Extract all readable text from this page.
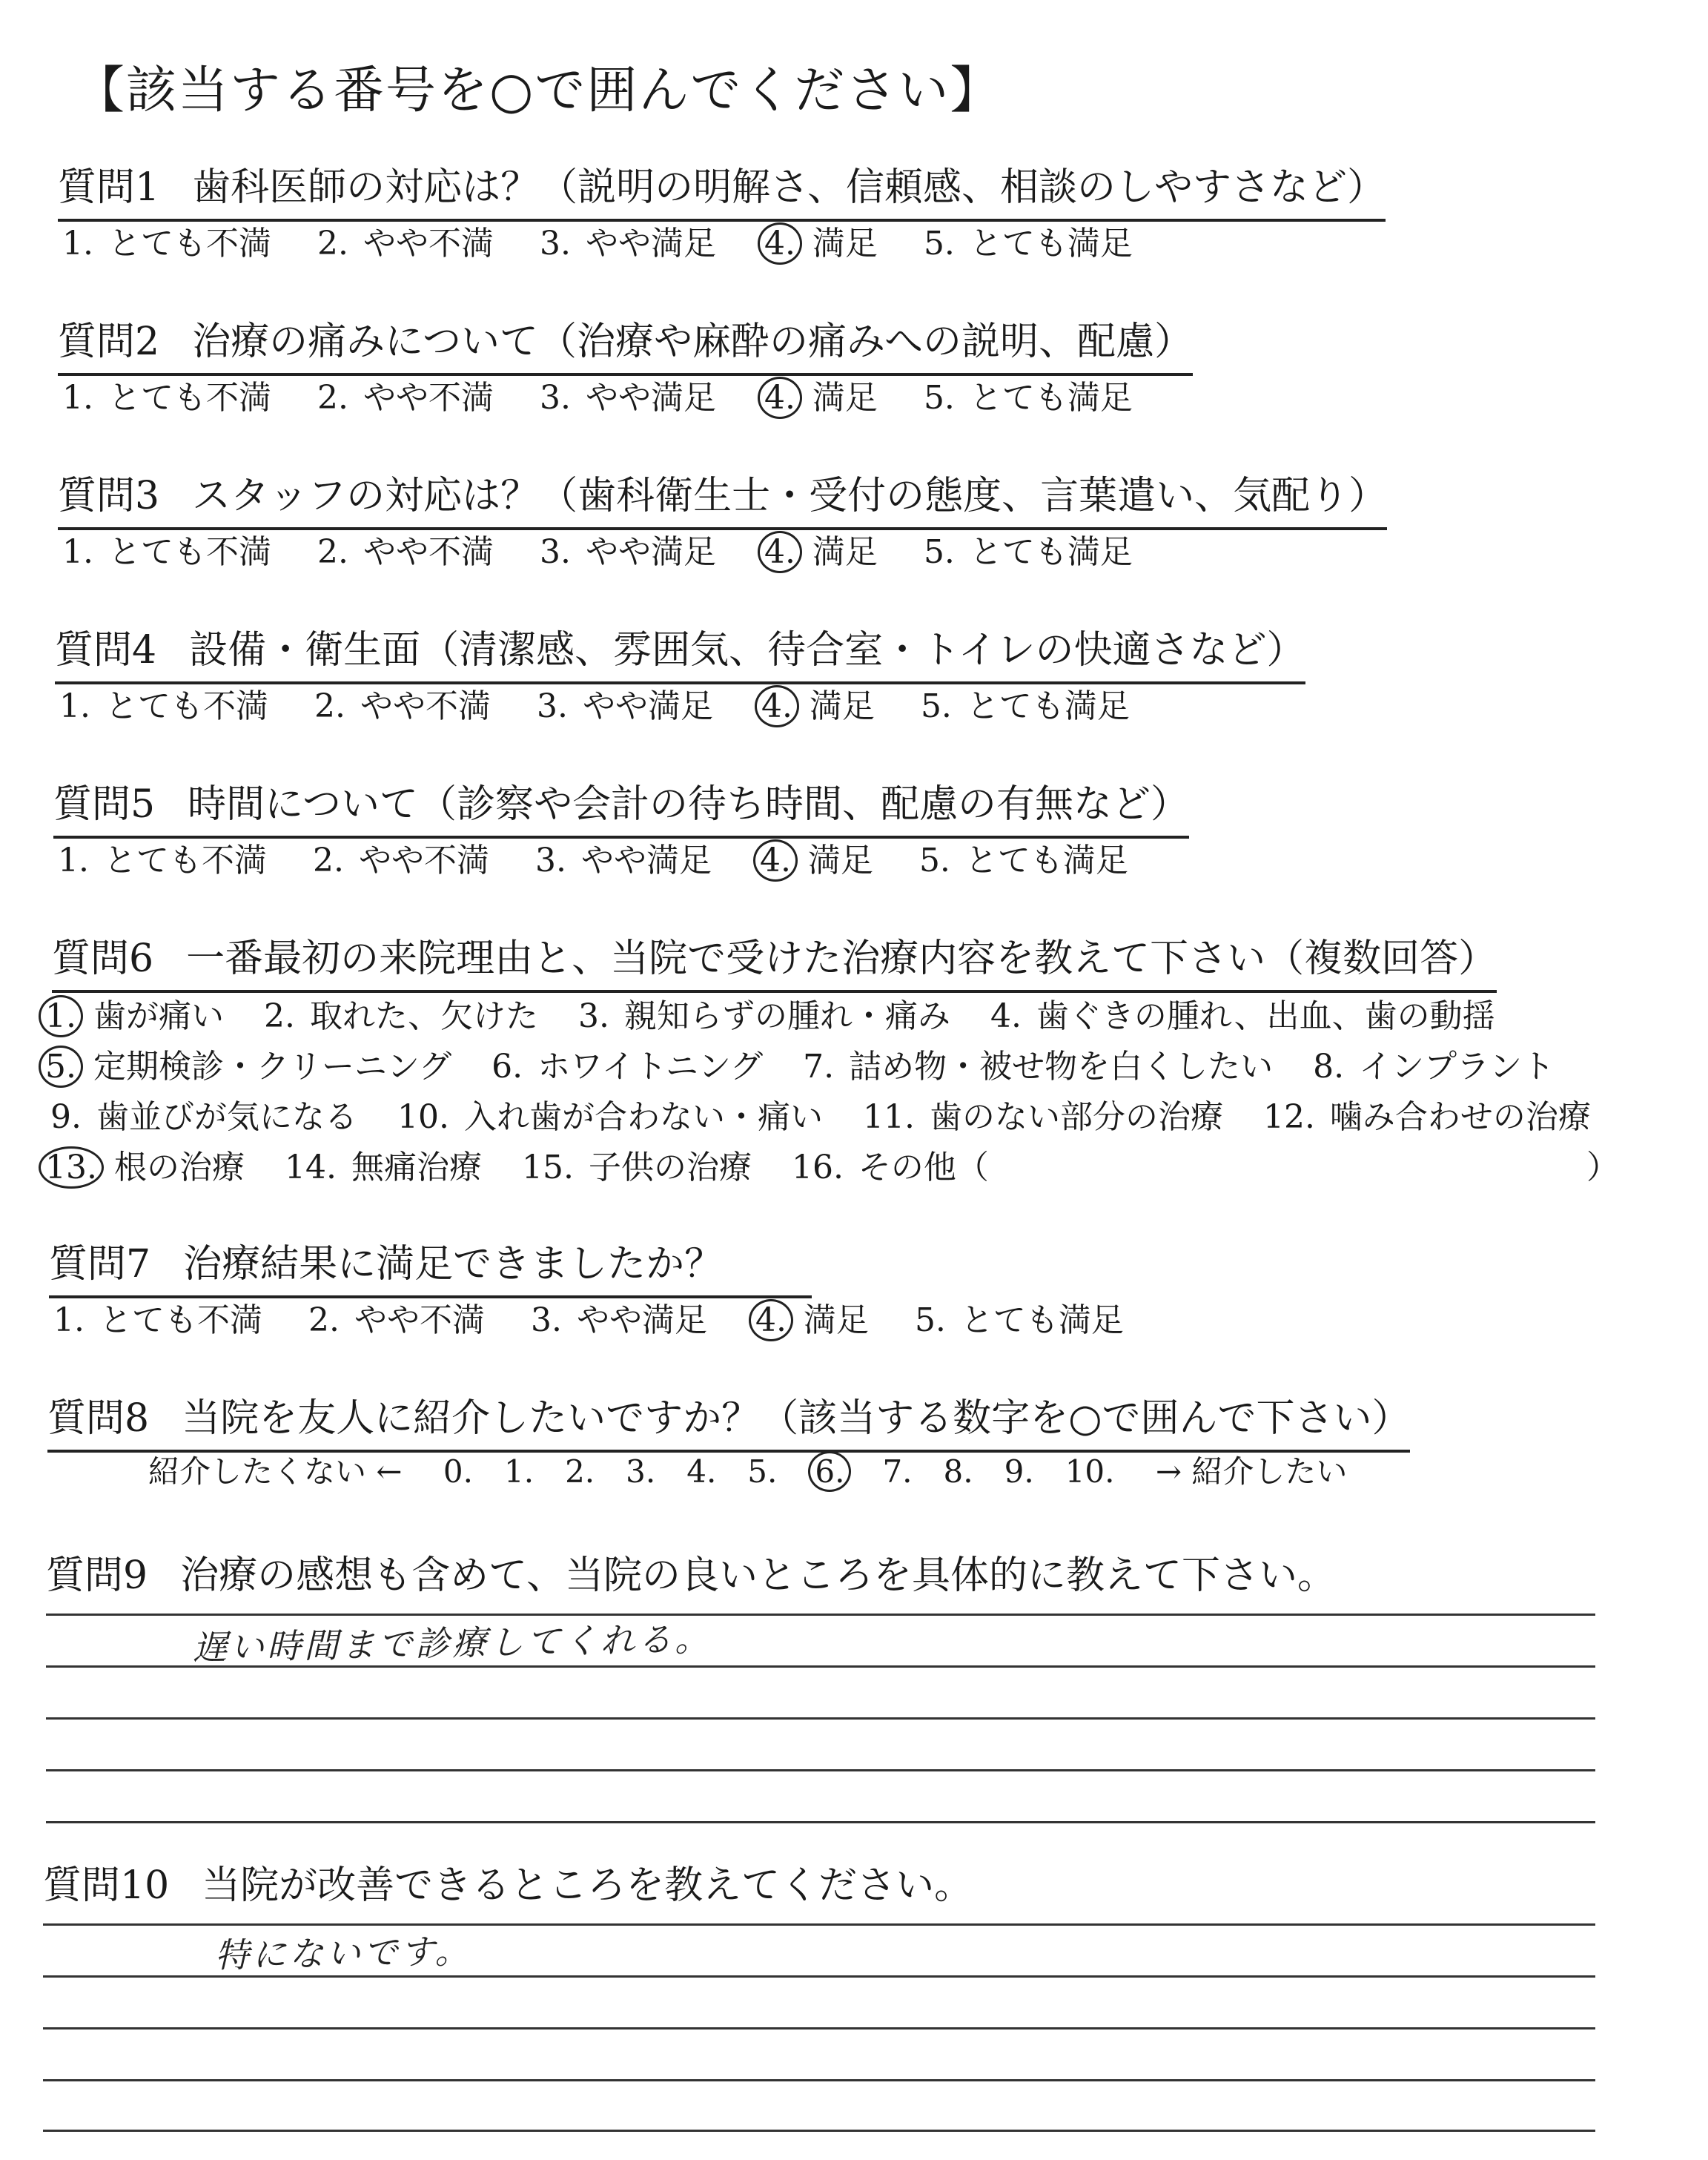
【該当する番号を○で囲んでください】
質問1 歯科医師の対応は？（説明の明解さ、信頼感、相談のしやすさなど）
1. とても不満 2. やや不満 3. やや満足 4. 満足 5. とても満足
質問2 治療の痛みについて（治療や麻酔の痛みへの説明、配慮）
1. とても不満 2. やや不満 3. やや満足 4. 満足 5. とても満足
質問3 スタッフの対応は？（歯科衛生士・受付の態度、言葉遣い、気配り）
1. とても不満 2. やや不満 3. やや満足 4. 満足 5. とても満足
質問4 設備・衛生面（清潔感、雰囲気、待合室・トイレの快適さなど）
1. とても不満 2. やや不満 3. やや満足 4. 満足 5. とても満足
質問5 時間について（診察や会計の待ち時間、配慮の有無など）
1. とても不満 2. やや不満 3. やや満足 4. 満足 5. とても満足
質問6 一番最初の来院理由と、当院で受けた治療内容を教えて下さい（複数回答）
1. 歯が痛い 2. 取れた、欠けた 3. 親知らずの腫れ・痛み 4. 歯ぐきの腫れ、出血、歯の動揺
5. 定期検診・クリーニング 6. ホワイトニング 7. 詰め物・被せ物を白くしたい 8. インプラント
9. 歯並びが気になる 10. 入れ歯が合わない・痛い 11. 歯のない部分の治療 12. 噛み合わせの治療
13. 根の治療 14. 無痛治療 15. 子供の治療 16. その他（	）
質問7 治療結果に満足できましたか？
1. とても不満 2. やや不満 3. やや満足 4. 満足 5. とても満足
質問8 当院を友人に紹介したいですか？（該当する数字を○で囲んで下さい）
紹介したくない ← 0. 1. 2. 3. 4. 5. 6. 7. 8. 9. 10. → 紹介したい
質問9 治療の感想も含めて、当院の良いところを具体的に教えて下さい。
遅い時間まで診療してくれる。
質問10 当院が改善できるところを教えてください。
特にないです。
